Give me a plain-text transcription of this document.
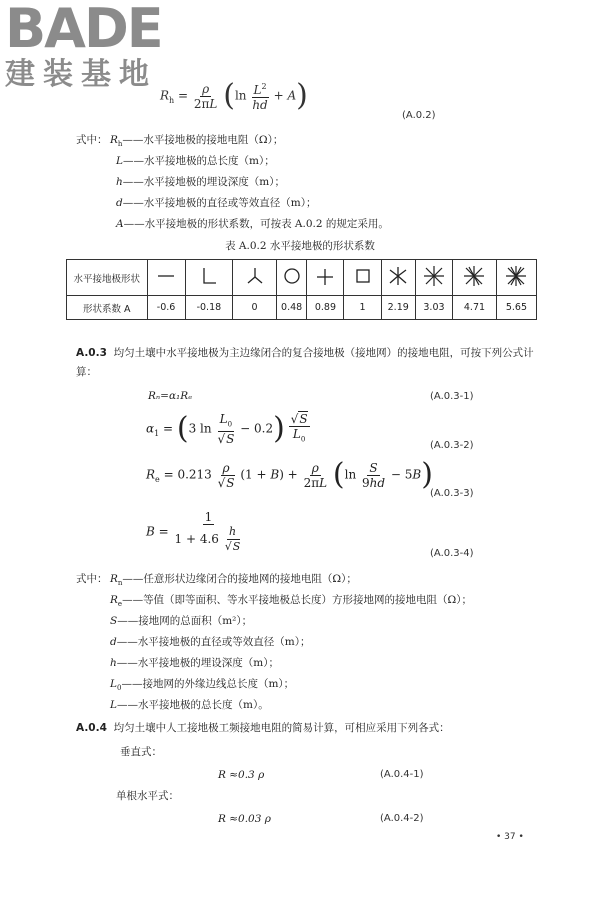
BADE
建装基地
$R_h = \frac{\rho}{2\pi L} (\ln \frac{L^2}{hd} + A)$
(A.0.2)
式中： $R_h——$水平接地极的接地电阻（Ω）；
L——水平接地极的总长度（m）；
h——水平接地极的埋设深度（m）；
d——水平接地极的直径或等效直径（m）；
A——水平接地极的形状系数，可按表 A.0.2 的规定采用。
表 A.0.2 水平接地极的形状系数
水平接地极形状										
形状系数 A	-0.6	-0.18	0	0.48	0.89	1	2.19	3.03	4.71	5.65
A.0.3 均匀土壤中水平接地极为主边缘闭合的复合接地极（接地网）的接地电阻，可按下列公式计
算：
Rₙ=α₁Rₑ	(A.0.3-1)
$\alpha_1 = (3$ $\ln \frac{L_0}{√S} - 0.2) \frac{√S}{L_0}$	(A.0.3-2)
$R_e = 0.213 \frac{\rho}{√S} (1 + B) + \frac{\rho}{2\pi L} (\ln \frac{S}{9hd} - 5B)$
(A.0.3-3)
$B = \frac{1}{1 + 4.6 \frac{h}{√S}}$	(A.0.3-4)
式中： $R_n——$任意形状边缘闭合的接地网的接地电阻（Ω）；
$R_e——$等值（即等面积、等水平接地极总长度）方形接地网的接地电阻（Ω）；
S——接地网的总面积（m²）；
d——水平接地极的直径或等效直径（m）；
h——水平接地极的埋设深度（m）；
$L_0——$接地网的外缘边线总长度（m）；
L——水平接地极的总长度（m）。
A.0.4 均匀土壤中人工接地极工频接地电阻的简易计算，可相应采用下列各式：
垂直式：
R ≈0.3 ρ	(A.0.4-1)
单根水平式：
R ≈0.03 ρ	(A.0.4-2)
• 37 •
